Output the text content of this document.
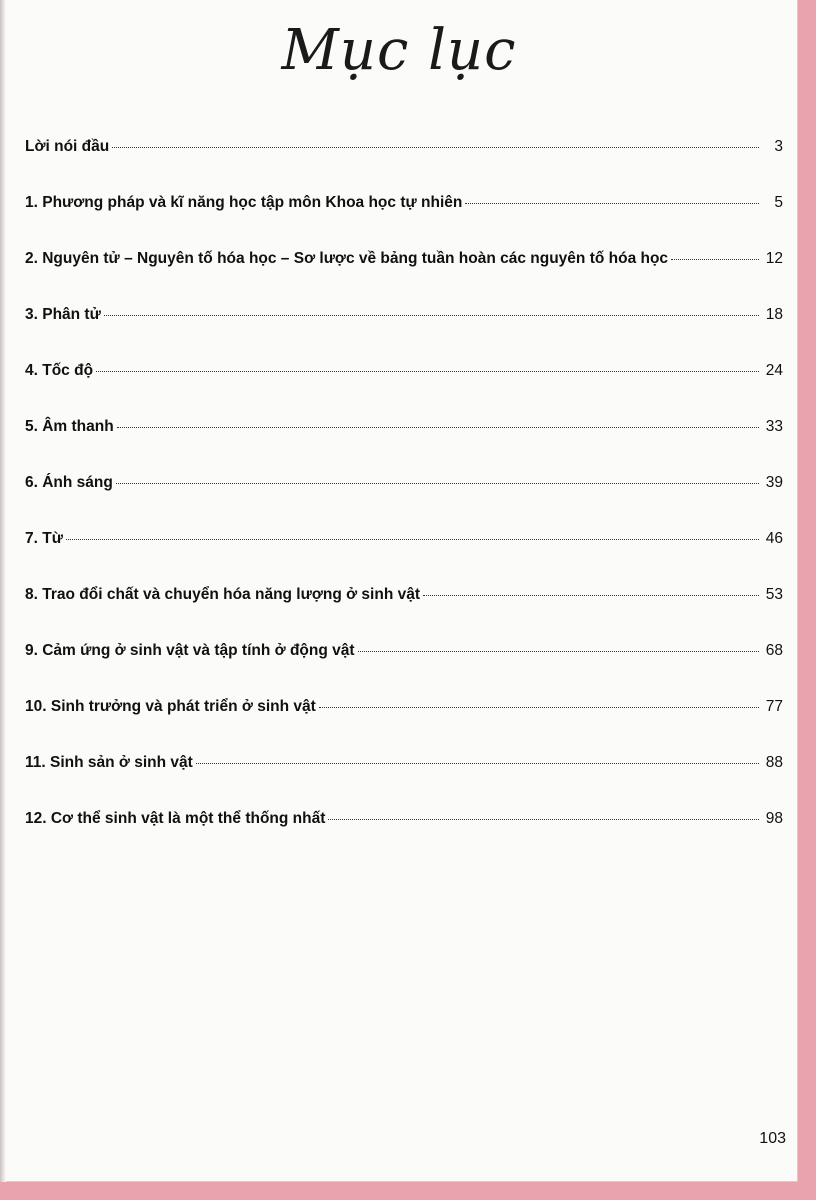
Mục lục
Lời nói đầu	3
1. Phương pháp và kĩ năng học tập môn Khoa học tự nhiên	5
2. Nguyên tử – Nguyên tố hóa học – Sơ lược về bảng tuần hoàn các nguyên tố hóa học	12
3. Phân tử	18
4. Tốc độ	24
5. Âm thanh	33
6. Ánh sáng	39
7. Từ	46
8. Trao đổi chất và chuyển hóa năng lượng ở sinh vật	53
9. Cảm ứng ở sinh vật và tập tính ở động vật	68
10. Sinh trưởng và phát triển ở sinh vật	77
11. Sinh sản ở sinh vật	88
12. Cơ thể sinh vật là một thể thống nhất	98
103
